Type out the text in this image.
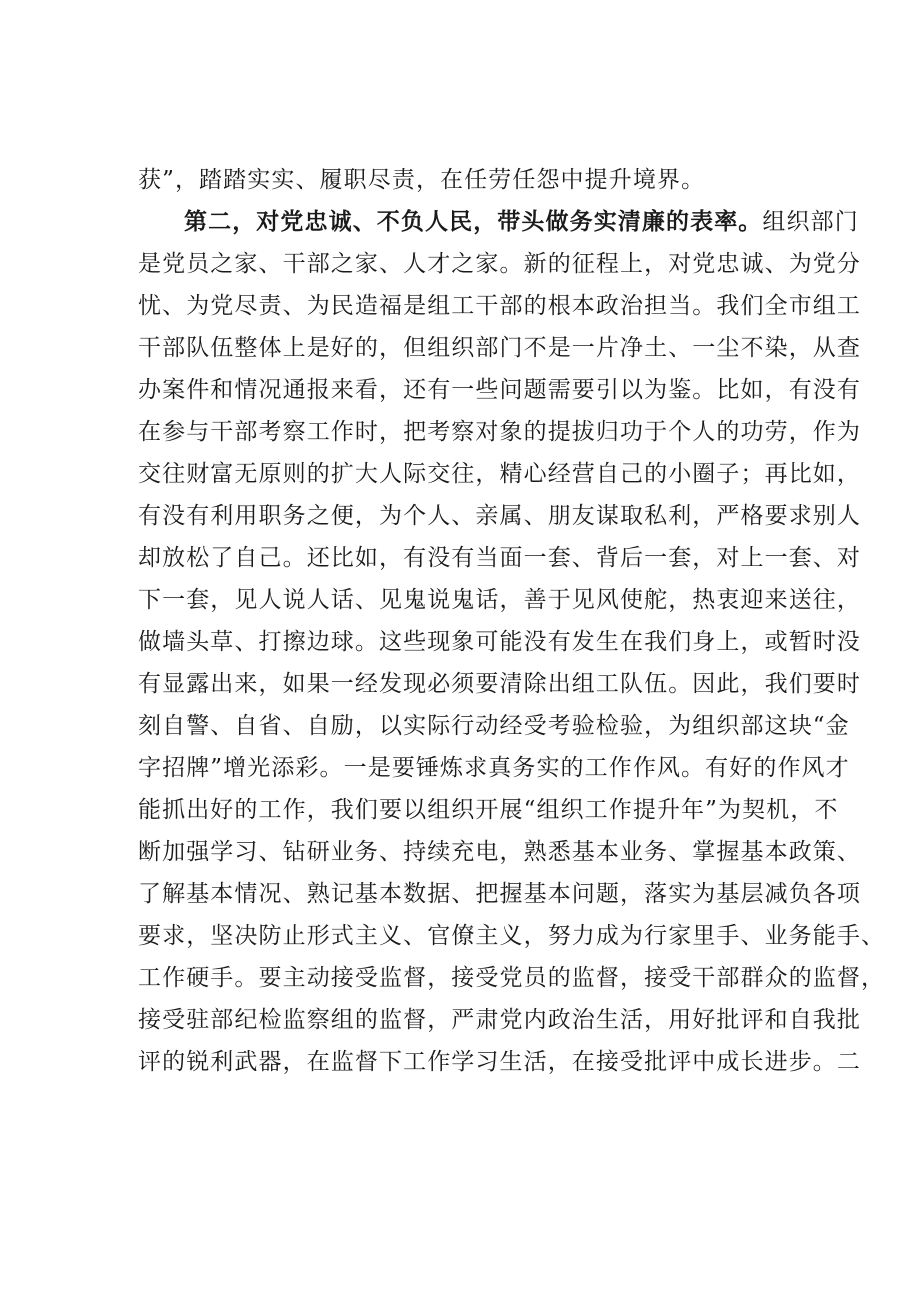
获”，踏踏实实、履职尽责，在任劳任怨中提升境界。
第二，对党忠诚、不负人民，带头做务实清廉的表率。组织部门
是党员之家、干部之家、人才之家。新的征程上，对党忠诚、为党分
忧、为党尽责、为民造福是组工干部的根本政治担当。我们全市组工
干部队伍整体上是好的，但组织部门不是一片净土、一尘不染，从查
办案件和情况通报来看，还有一些问题需要引以为鉴。比如，有没有
在参与干部考察工作时，把考察对象的提拔归功于个人的功劳，作为
交往财富无原则的扩大人际交往，精心经营自己的小圈子；再比如，
有没有利用职务之便，为个人、亲属、朋友谋取私利，严格要求别人
却放松了自己。还比如，有没有当面一套、背后一套，对上一套、对
下一套，见人说人话、见鬼说鬼话，善于见风使舵，热衷迎来送往，
做墙头草、打擦边球。这些现象可能没有发生在我们身上，或暂时没
有显露出来，如果一经发现必须要清除出组工队伍。因此，我们要时
刻自警、自省、自励，以实际行动经受考验检验，为组织部这块“金
字招牌”增光添彩。一是要锤炼求真务实的工作作风。有好的作风才
能抓出好的工作，我们要以组织开展“组织工作提升年”为契机，不
断加强学习、钻研业务、持续充电，熟悉基本业务、掌握基本政策、
了解基本情况、熟记基本数据、把握基本问题，落实为基层减负各项
要求，坚决防止形式主义、官僚主义，努力成为行家里手、业务能手、
工作硬手。要主动接受监督，接受党员的监督，接受干部群众的监督，
接受驻部纪检监察组的监督，严肃党内政治生活，用好批评和自我批
评的锐利武器，在监督下工作学习生活，在接受批评中成长进步。二
